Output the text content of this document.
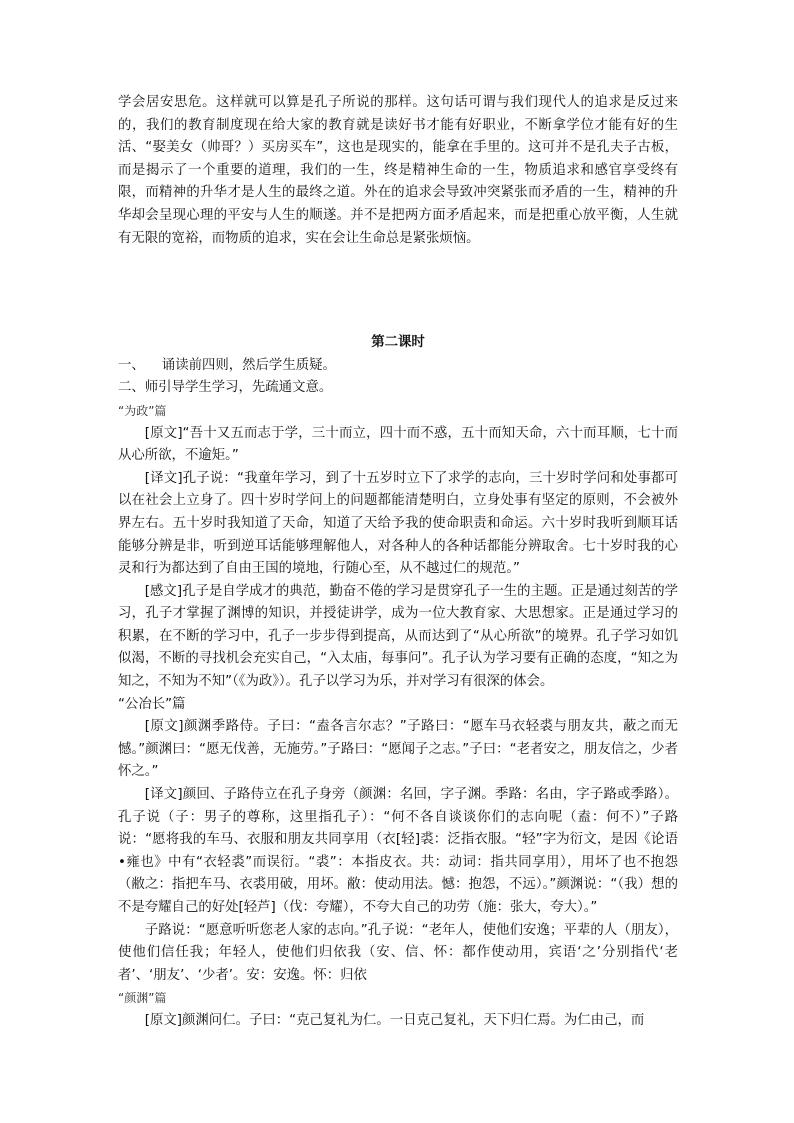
学会居安思危。这样就可以算是孔子所说的那样。这句话可谓与我们现代人的追求是反过来的，我们的教育制度现在给大家的教育就是读好书才能有好职业，不断拿学位才能有好的生活、“娶美女（帅哥？）买房买车”，这也是现实的，能拿在手里的。这可并不是孔夫子古板，而是揭示了一个重要的道理，我们的一生，终是精神生命的一生，物质追求和感官享受终有限，而精神的升华才是人生的最终之道。外在的追求会导致冲突紧张而矛盾的一生，精神的升华却会呈现心理的平安与人生的顺遂。并不是把两方面矛盾起来，而是把重心放平衡，人生就有无限的宽裕，而物质的追求，实在会让生命总是紧张烦恼。

第二课时

一、    诵读前四则，然后学生质疑。

二、师引导学生学习，先疏通文意。

“为政”篇

[原文]“吾十又五而志于学，三十而立，四十而不惑，五十而知天命，六十而耳顺，七十而从心所欲，不逾矩。”

[译文]孔子说：“我童年学习，到了十五岁时立下了求学的志向，三十岁时学问和处事都可以在社会上立身了。四十岁时学问上的问题都能清楚明白，立身处事有坚定的原则，不会被外界左右。五十岁时我知道了天命，知道了天给予我的使命职责和命运。六十岁时我听到顺耳话能够分辨是非，听到逆耳话能够理解他人，对各种人的各种话都能分辨取舍。七十岁时我的心灵和行为都达到了自由王国的境地，行随心至，从不越过仁的规范。”

[感文]孔子是自学成才的典范，勤奋不倦的学习是贯穿孔子一生的主题。正是通过刻苦的学习，孔子才掌握了渊博的知识，并授徒讲学，成为一位大教育家、大思想家。正是通过学习的积累，在不断的学习中，孔子一步步得到提高，从而达到了“从心所欲”的境界。孔子学习如饥似渴，不断的寻找机会充实自己，“入太庙，每事问”。孔子认为学习要有正确的态度，“知之为知之，不知为不知”（《为政》）。孔子以学习为乐，并对学习有很深的体会。

“公冶长”篇

[原文]颜渊季路侍。子曰：“盍各言尔志？”子路曰：“愿车马衣轻裘与朋友共，蔽之而无憾。”颜渊曰：“愿无伐善，无施劳。”子路曰：“愿闻子之志。”子曰：“老者安之，朋友信之，少者怀之。”

[译文]颜回、子路侍立在孔子身旁（颜渊：名回，字子渊。季路：名由，字子路或季路）。孔子说（子：男子的尊称，这里指孔子）：“何不各自谈谈你们的志向呢（盍：何不）”子路说：“愿将我的车马、衣服和朋友共同享用（衣[轻]裘：泛指衣服。“轻”字为衍文，是因《论语•雍也》中有“衣轻裘”而误衍。“裘”：本指皮衣。共：动词：指共同享用），用坏了也不抱怨（敝之：指把车马、衣裘用破，用坏。敝：使动用法。憾：抱怨，不远）。”颜渊说：“（我）想的不是夸耀自己的好处[轻芦]（伐：夸耀），不夸大自己的功劳（施：张大，夸大）。”

子路说：“愿意听听您老人家的志向。”孔子说：“老年人，使他们安逸；平辈的人（朋友），使他们信任我；年轻人，使他们归依我（安、信、怀：都作使动用，宾语‘之’分别指代‘老者’、‘朋友’、‘少者’。安：安逸。怀：归依

“颜渊”篇

[原文]颜渊问仁。子曰：“克己复礼为仁。一日克己复礼，天下归仁焉。为仁由己，而
